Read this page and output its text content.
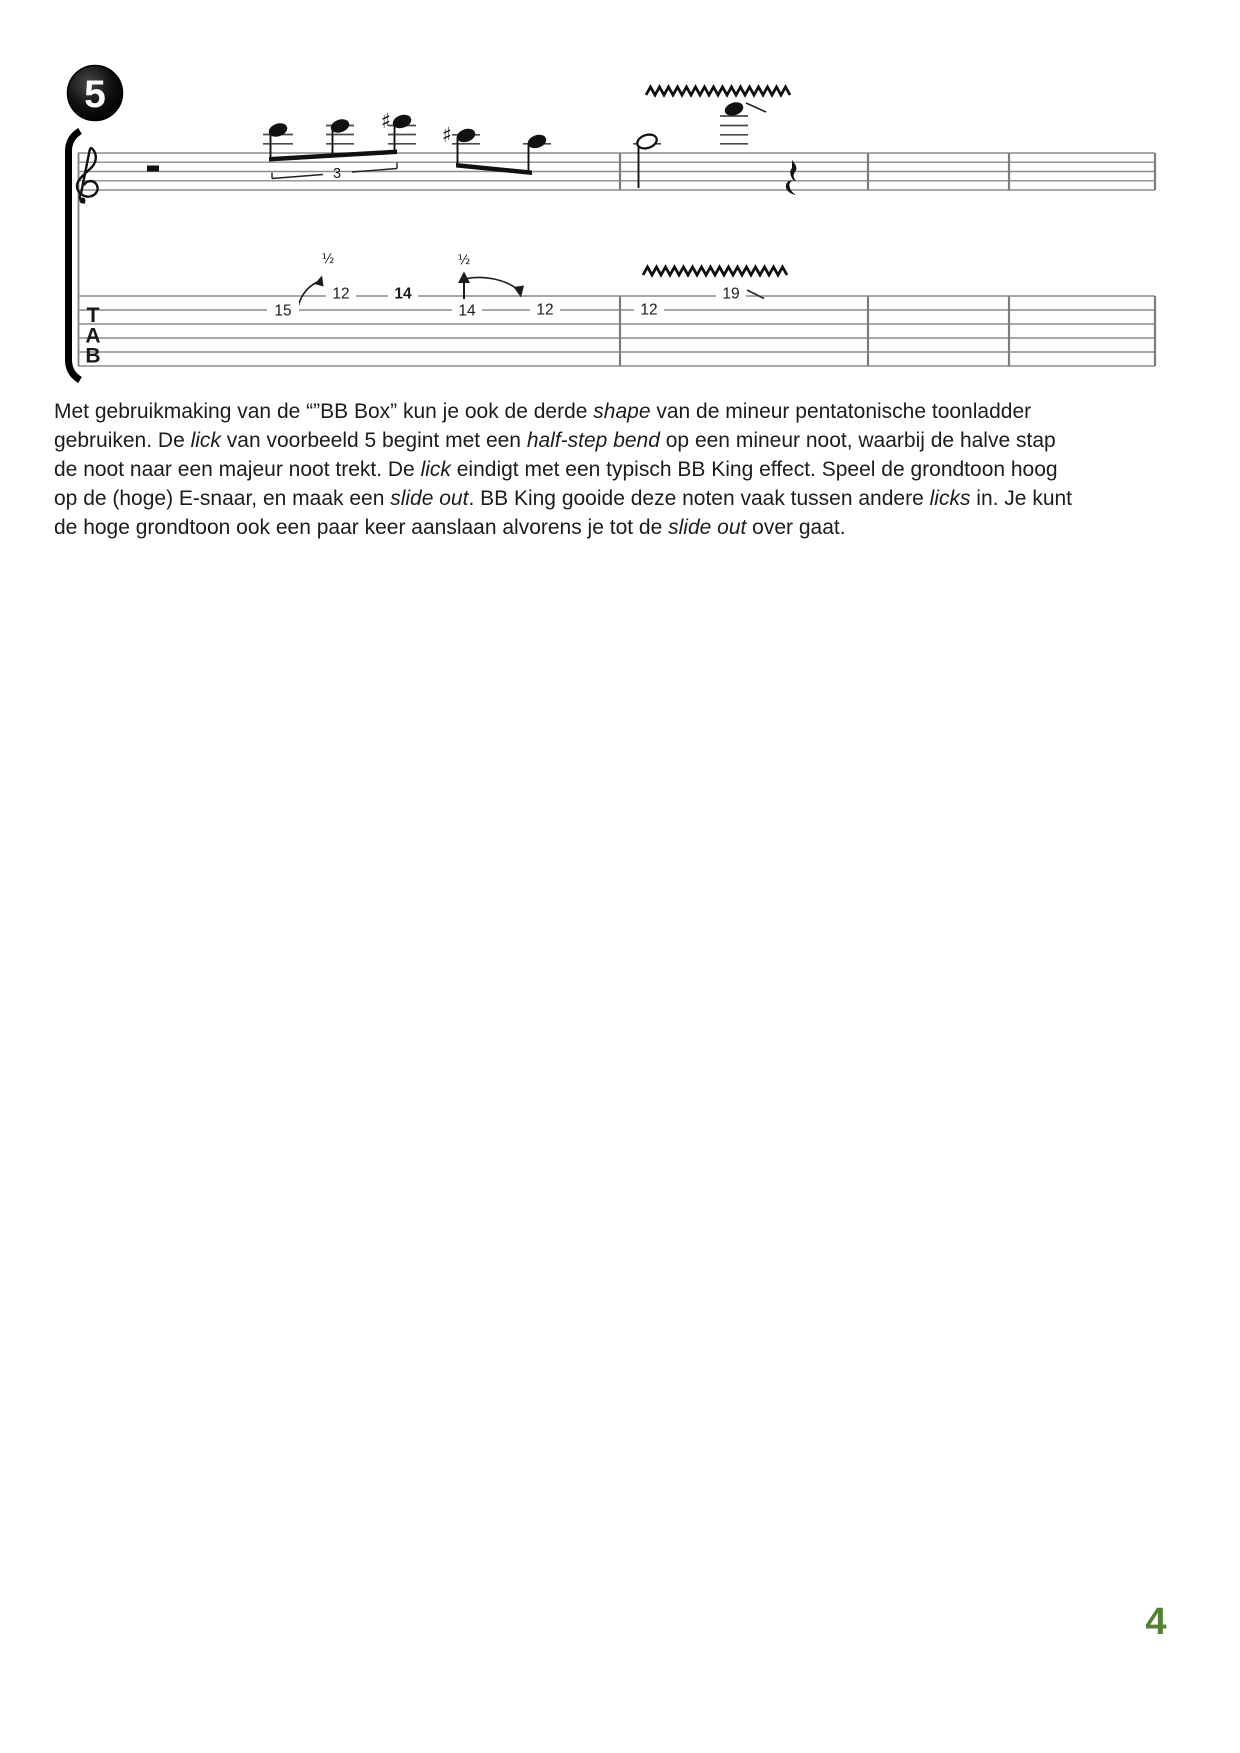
5
♯
3
♯
T
A
B
½	½
15
12	14
14	12	12
19
Met gebruikmaking van de “”BB Box” kun je ook de derde shape van de mineur pentatonische toonladder
gebruiken. De lick van voorbeeld 5 begint met een half-step bend op een mineur noot, waarbij de halve stap
de noot naar een majeur noot trekt. De lick eindigt met een typisch BB King effect. Speel de grondtoon hoog
op de (hoge) E-snaar, en maak een slide out. BB King gooide deze noten vaak tussen andere licks in. Je kunt
de hoge grondtoon ook een paar keer aanslaan alvorens je tot de slide out over gaat.
4
